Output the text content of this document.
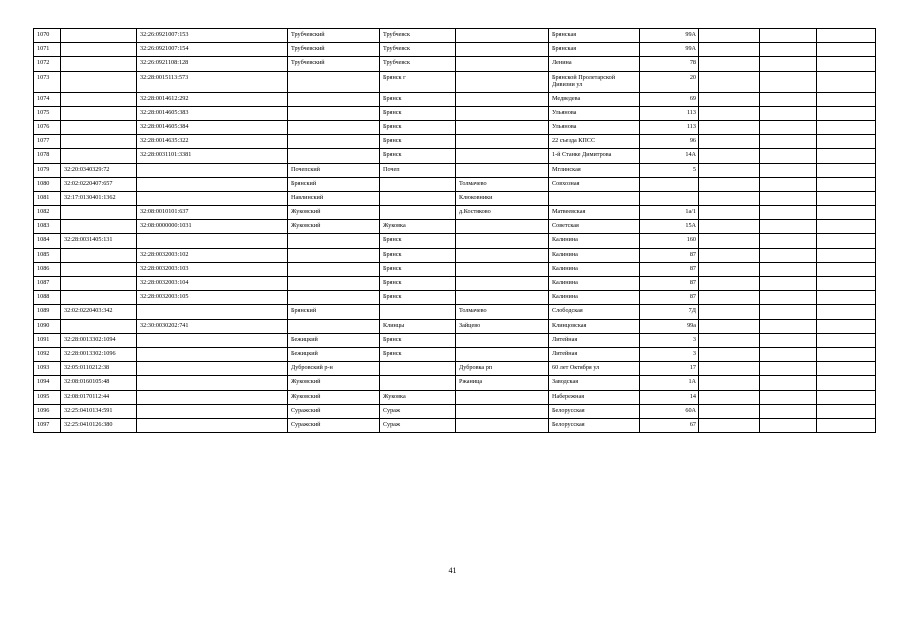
1070		32:26:0921007:153	Трубчевский	Трубчевск		Брянская	99А			
1071		32:26:0921007:154	Трубчевский	Трубчевск		Брянская	99А			
1072		32:26:0921108:128	Трубчевский	Трубчевск		Ленина	78			
1073		32:28:0015113:573		Брянск г		Брянской Пролетарской Дивизии ул	20			
1074		32:28:0014612:292		Брянск		Медведева	69			
1075		32:28:0014605:383		Брянск		Ульянова	113			
1076		32:28:0014605:384		Брянск		Ульянова	113			
1077		32:28:0014635:322		Брянск		22 съезда КПСС	96			
1078		32:28:0031101:3381		Брянск		1-й Станке Димитрова	14А			
1079	32:20:0340329:72		Почепский	Почеп		Мглинская	5			
1080	32:02:0220407:657		Брянский		Толмачево	Совхозная				
1081	32:17:0130401:1362		Навлинский		Клюковники					
1082		32:08:0010101:637	Жуковский		д.Костяково	Матвеевская	1а/1			
1083		32:08:0000000:1031	Жуковский	Жуковка		Советская	15А			
1084	32:28:0031405:131			Брянск		Калинина	160			
1085		32:28:0032003:102		Брянск		Калинина	87			
1086		32:28:0032003:103		Брянск		Калинина	87			
1087		32:28:0032003:104		Брянск		Калинина	87			
1088		32:28:0032003:105		Брянск		Калинина	87			
1089	32:02:0220403:342		Брянский		Толмачево	Слободская	7Д			
1090		32:30:0030202:741		Клинцы	Зайцево	Клинцовская	99а			
1091	32:28:0013302:1094		Бежицкий	Брянск		Литейная	3			
1092	32:28:0013302:1096		Бежицкий	Брянск		Литейная	3			
1093	32:05:0110212:38		Дубровский р-н		Дубровка рп	60 лет Октября ул	17			
1094	32:08:0160105:48		Жуковский		Ржаница	Заводская	1А			
1095	32:08:0170112:44		Жуковский	Жуковка		Набережная	14			
1096	32:25:0410134:591		Суражский	Сураж		Белорусская	60А			
1097	32:25:0410126:380		Суражский	Сураж		Белорусская	67			
41
